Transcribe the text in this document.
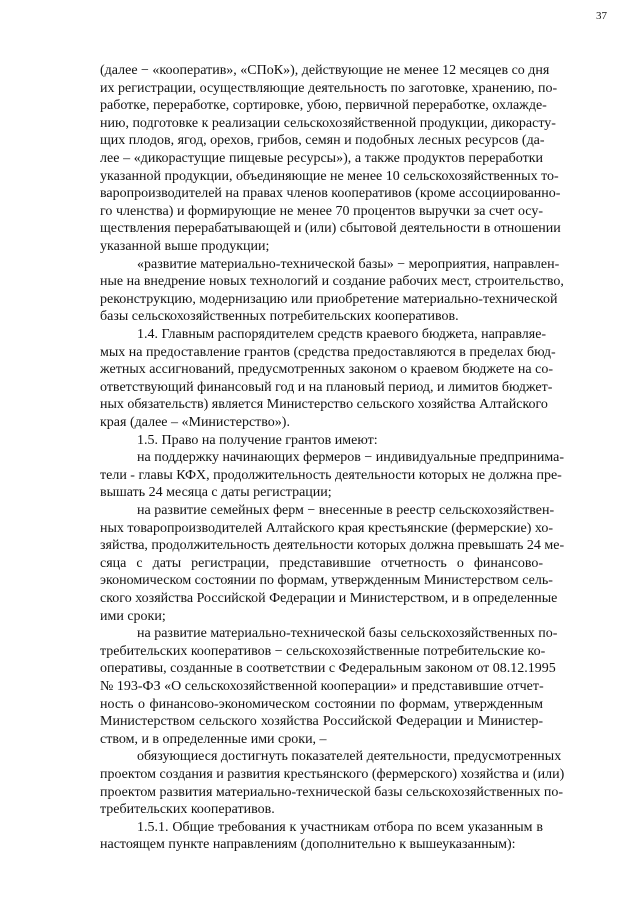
37
(далее − «кооператив», «СПоК»), действующие не менее 12 месяцев со дня
их регистрации, осуществляющие деятельность по заготовке, хранению, по-
работке, переработке, сортировке, убою, первичной переработке, охлажде-
нию, подготовке к реализации сельскохозяйственной продукции, дикорасту-
щих плодов, ягод, орехов, грибов, семян и подобных лесных ресурсов (да-
лее – «дикорастущие пищевые ресурсы»), а также продуктов переработки
указанной продукции, объединяющие не менее 10 сельскохозяйственных то-
варопроизводителей на правах членов кооперативов (кроме ассоциированно-
го членства) и формирующие не менее 70 процентов выручки за счет осу-
ществления перерабатывающей и (или) сбытовой деятельности в отношении
указанной выше продукции;
«развитие материально-технической базы» − мероприятия, направлен-
ные на внедрение новых технологий и создание рабочих мест, строительство,
реконструкцию, модернизацию или приобретение материально-технической
базы сельскохозяйственных потребительских кооперативов.
1.4. Главным распорядителем средств краевого бюджета, направляе-
мых на предоставление грантов (средства предоставляются в пределах бюд-
жетных ассигнований, предусмотренных законом о краевом бюджете на со-
ответствующий финансовый год и на плановый период, и лимитов бюджет-
ных обязательств) является Министерство сельского хозяйства Алтайского
края (далее – «Министерство»).
1.5. Право на получение грантов имеют:
на поддержку начинающих фермеров − индивидуальные предпринима-
тели - главы КФХ, продолжительность деятельности которых не должна пре-
вышать 24 месяца с даты регистрации;
на развитие семейных ферм − внесенные в реестр сельскохозяйствен-
ных товаропроизводителей Алтайского края крестьянские (фермерские) хо-
зяйства, продолжительность деятельности которых должна превышать 24 ме-
сяца с даты регистрации, представившие отчетность о финансово-
экономическом состоянии по формам, утвержденным Министерством сель-
ского хозяйства Российской Федерации и Министерством, и в определенные
ими сроки;
на развитие материально-технической базы сельскохозяйственных по-
требительских кооперативов − сельскохозяйственные потребительские ко-
оперативы, созданные в соответствии с Федеральным законом от 08.12.1995
№ 193-ФЗ «О сельскохозяйственной кооперации» и представившие отчет-
ность о финансово-экономическом состоянии по формам, утвержденным
Министерством сельского хозяйства Российской Федерации и Министер-
ством, и в определенные ими сроки, –
обязующиеся достигнуть показателей деятельности, предусмотренных
проектом создания и развития крестьянского (фермерского) хозяйства и (или)
проектом развития материально-технической базы сельскохозяйственных по-
требительских кооперативов.
1.5.1. Общие требования к участникам отбора по всем указанным в
настоящем пункте направлениям (дополнительно к вышеуказанным):
